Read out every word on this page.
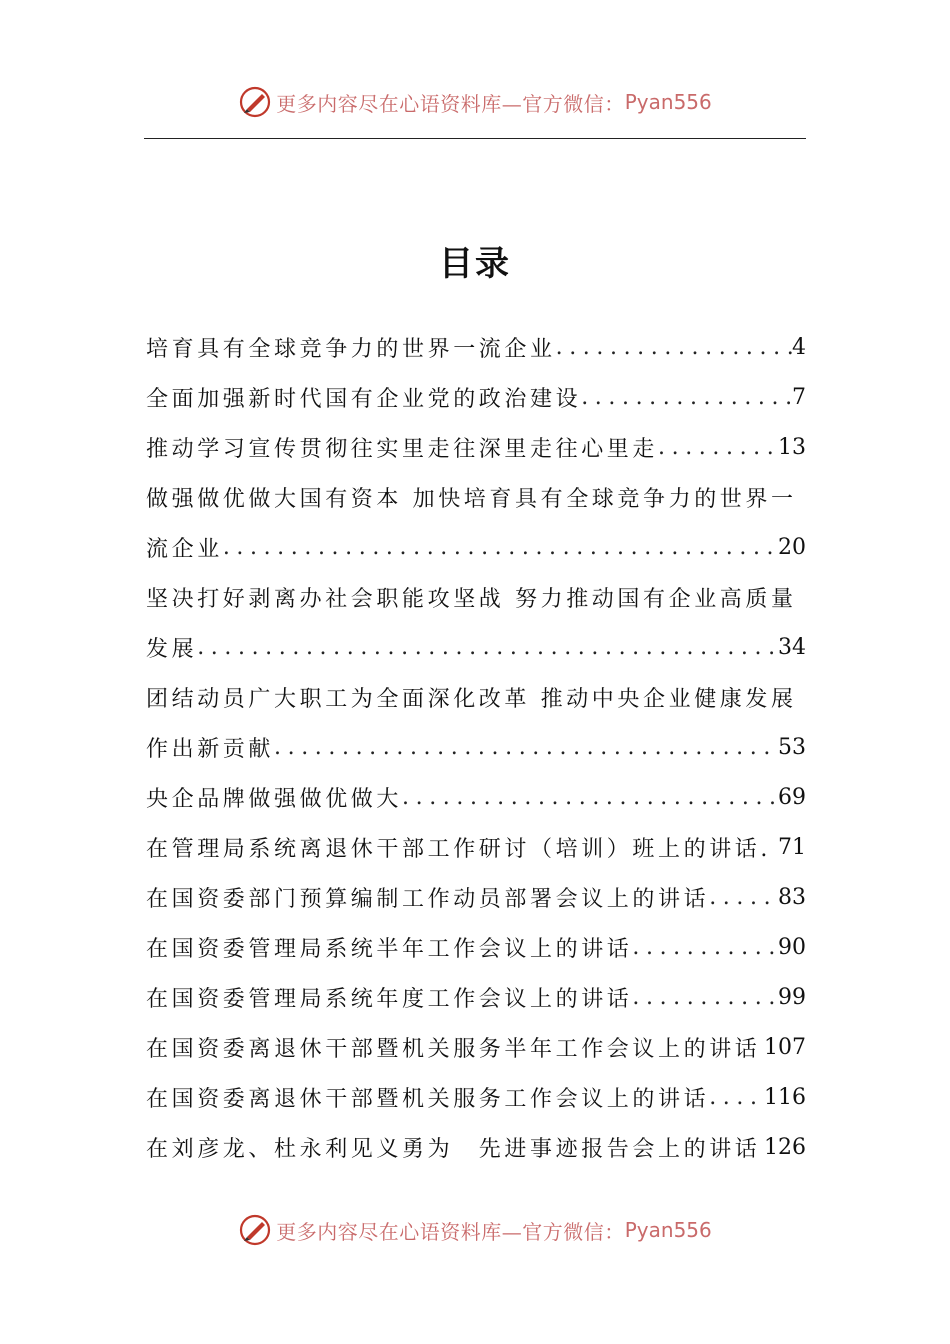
更多内容尽在心语资料库—官方微信： Pyan556
目录
培育具有全球竞争力的世界一流企业 .....	4
全面加强新时代国有企业党的政治建设 .....	7
推动学习宣传贯彻往实里走往深里走往心里走 .....	13
做强做优做大国有资本 加快培育具有全球竞争力的世界一
流企业 .....	20
坚决打好剥离办社会职能攻坚战 努力推动国有企业高质量
发展 .....	34
团结动员广大职工为全面深化改革 推动中央企业健康发展
作出新贡献 .....	53
央企品牌做强做优做大 .....	69
在管理局系统离退休干部工作研讨（培训）班上的讲话. 71
在国资委部门预算编制工作动员部署会议上的讲话 .....	83
在国资委管理局系统半年工作会议上的讲话 .....	90
在国资委管理局系统年度工作会议上的讲话 .....	99
在国资委离退休干部暨机关服务半年工作会议上的讲话 107
在国资委离退休干部暨机关服务工作会议上的讲话 ..... 116
在刘彦龙、杜永利见义勇为　先进事迹报告会上的讲话 126
更多内容尽在心语资料库—官方微信： Pyan556
